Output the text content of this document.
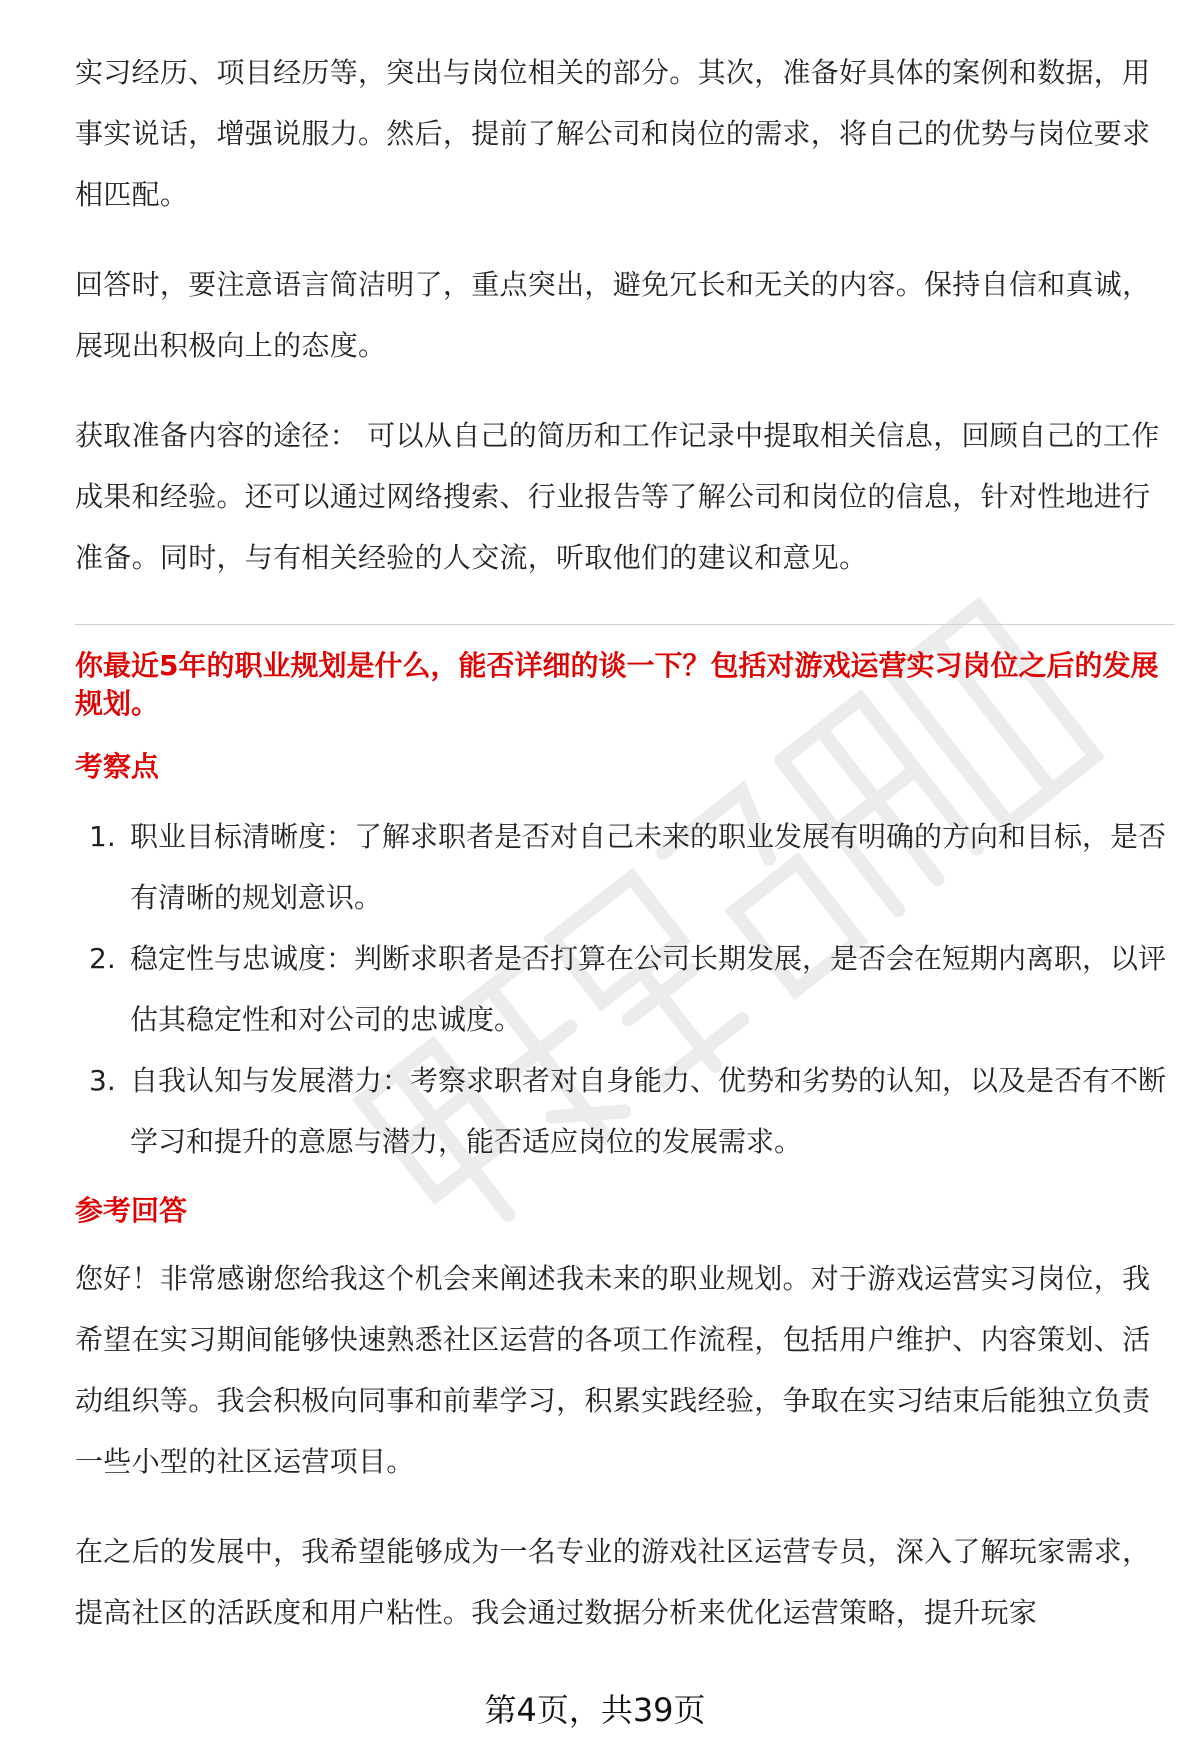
实习经历、项目经历等，突出与岗位相关的部分。其次，准备好具体的案例和数据，用事实说话，增强说服力。然后，提前了解公司和岗位的需求，将自己的优势与岗位要求相匹配。

回答时，要注意语言简洁明了，重点突出，避免冗长和无关的内容。保持自信和真诚，展现出积极向上的态度。

获取准备内容的途径： 可以从自己的简历和工作记录中提取相关信息，回顾自己的工作成果和经验。还可以通过网络搜索、行业报告等了解公司和岗位的信息，针对性地进行准备。同时，与有相关经验的人交流，听取他们的建议和意见。

你最近5年的职业规划是什么，能否详细的谈一下？包括对游戏运营实习岗位之后的发展规划。
考察点
1. 职业目标清晰度：了解求职者是否对自己未来的职业发展有明确的方向和目标，是否有清晰的规划意识。
2. 稳定性与忠诚度：判断求职者是否打算在公司长期发展，是否会在短期内离职，以评估其稳定性和对公司的忠诚度。
3. 自我认知与发展潜力：考察求职者对自身能力、优势和劣势的认知，以及是否有不断学习和提升的意愿与潜力，能否适应岗位的发展需求。
参考回答

您好！非常感谢您给我这个机会来阐述我未来的职业规划。对于游戏运营实习岗位，我希望在实习期间能够快速熟悉社区运营的各项工作流程，包括用户维护、内容策划、活动组织等。我会积极向同事和前辈学习，积累实践经验，争取在实习结束后能独立负责一些小型的社区运营项目。

在之后的发展中，我希望能够成为一名专业的游戏社区运营专员，深入了解玩家需求，提高社区的活跃度和用户粘性。我会通过数据分析来优化运营策略，提升玩家

第4页，共39页
